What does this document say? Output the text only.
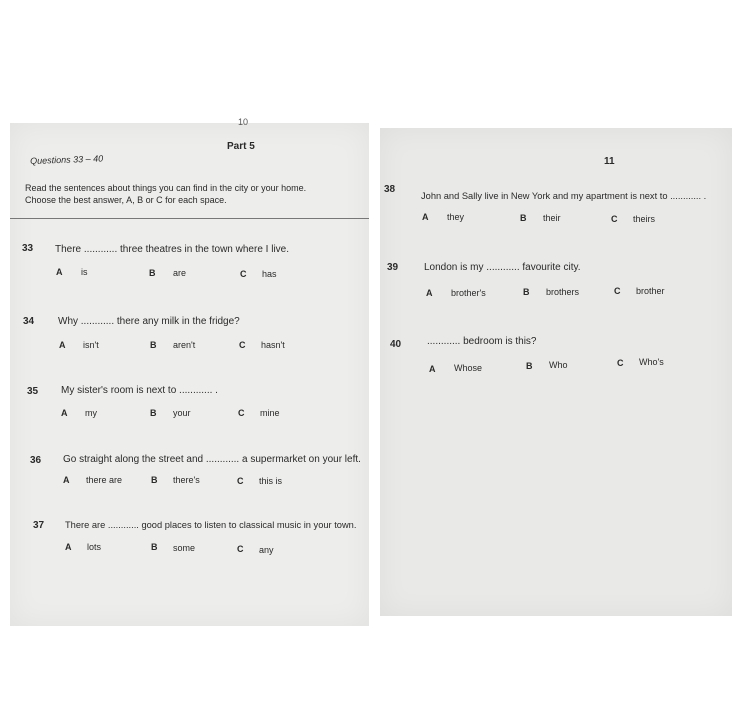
10
Part 5
Questions 33 – 40
Read the sentences about things you can find in the city or your home.
Choose the best answer, A, B or C for each space.
33 There ............ three theatres in the town where I live.
A is	B are	C has
34 Why ............ there any milk in the fridge?
A isn't	B aren't	C hasn't
35 My sister's room is next to ............ .
A my	B your	C mine
36 Go straight along the street and ............ a supermarket on your left.
A there are	B there's	C this is
37 There are ............ good places to listen to classical music in your town.
A lots	B some	C any
11
38
John and Sally live in New York and my apartment is next to ............ .
A they	B their	C theirs
39	London is my ............ favourite city.
A brother's	B brothers	C brother
40	............ bedroom is this?
A Whose	B Who	C Who's
